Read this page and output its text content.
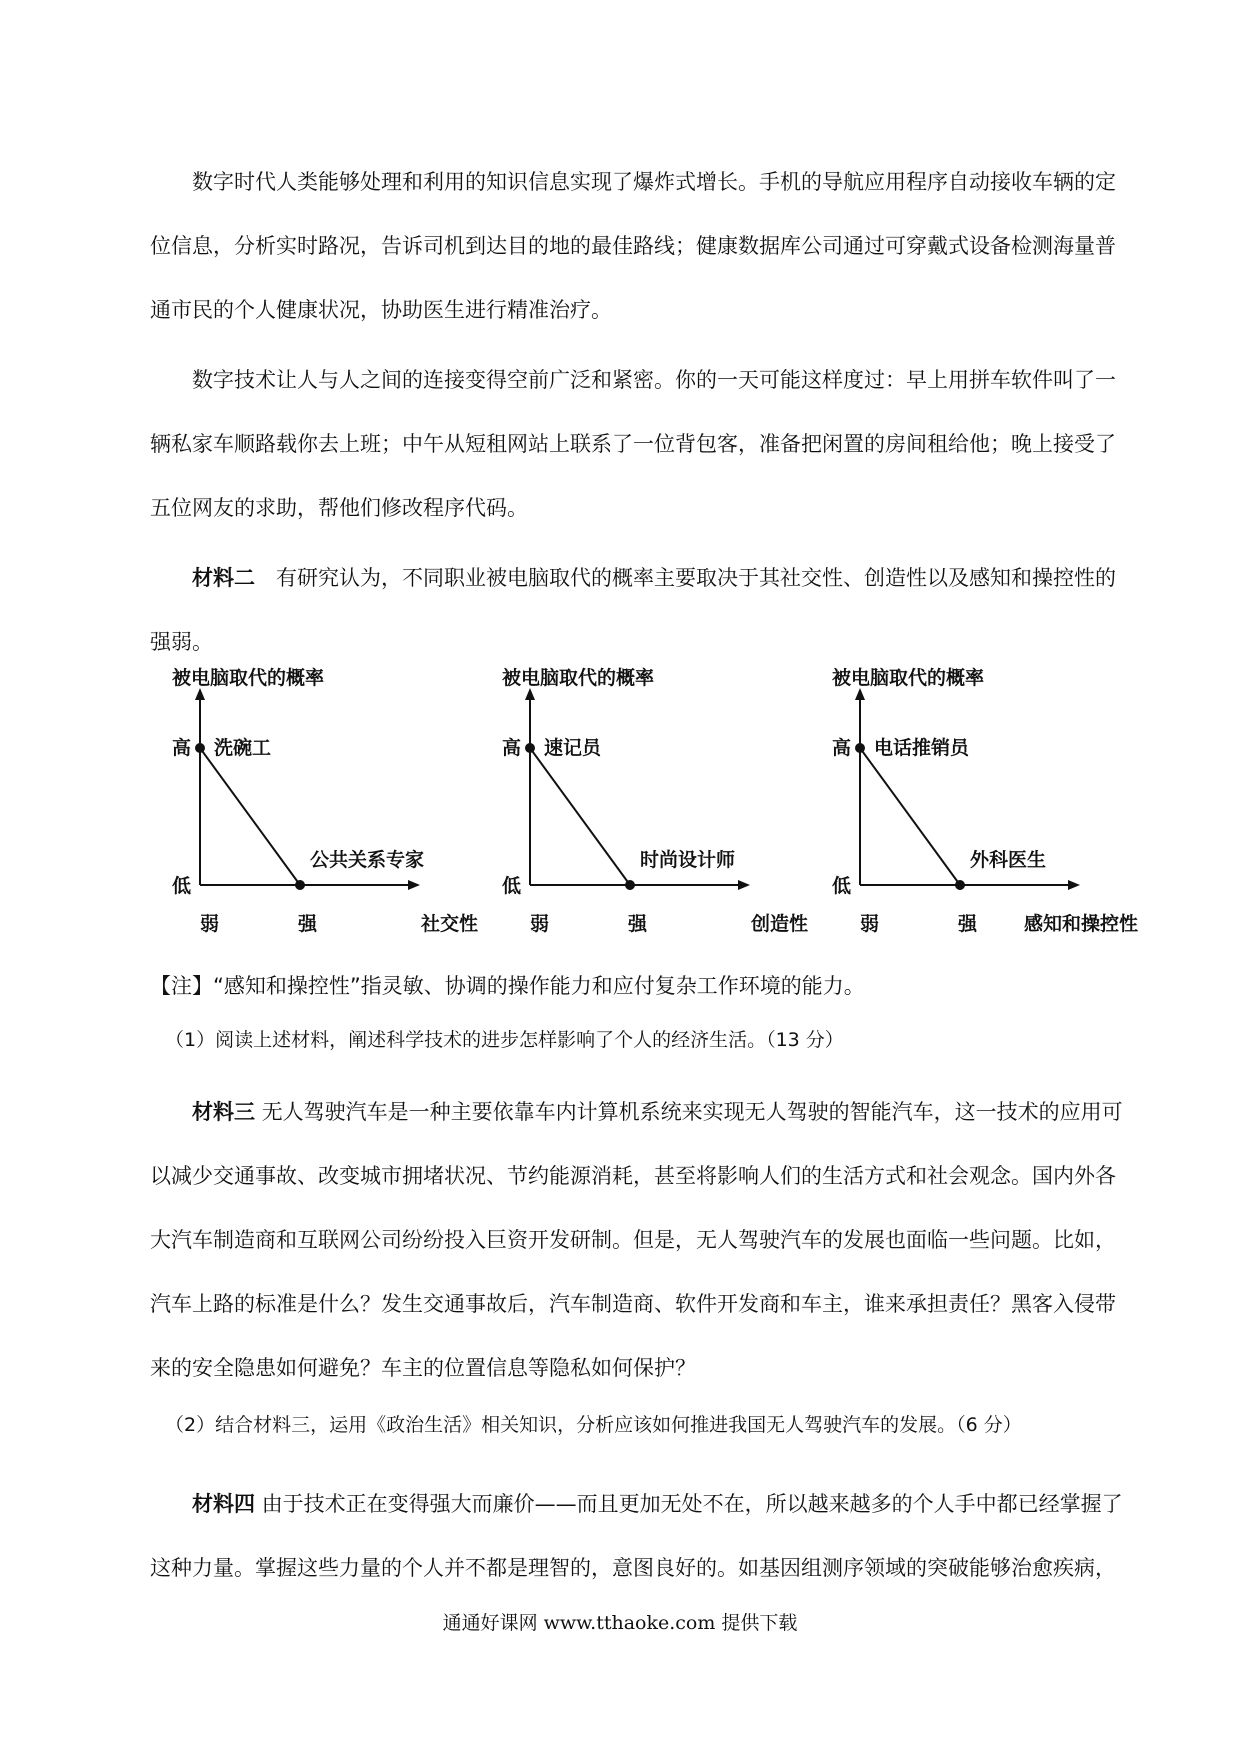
数字时代人类能够处理和利用的知识信息实现了爆炸式增长。手机的导航应用程序自动接收车辆的定位信息，分析实时路况，告诉司机到达目的地的最佳路线；健康数据库公司通过可穿戴式设备检测海量普通市民的个人健康状况，协助医生进行精准治疗。

数字技术让人与人之间的连接变得空前广泛和紧密。你的一天可能这样度过：早上用拼车软件叫了一辆私家车顺路载你去上班；中午从短租网站上联系了一位背包客，准备把闲置的房间租给他；晚上接受了五位网友的求助，帮他们修改程序代码。

材料二　 有研究认为，不同职业被电脑取代的概率主要取决于其社交性、创造性以及感知和操控性的强弱。

被电脑取代的概率
高
低
弱	强	社交性
洗碗工
公共关系专家
被电脑取代的概率
高
低
弱	强	创造性
速记员
时尚设计师
被电脑取代的概率
高
低
弱	强 感知和操控性
电话推销员
外科医生

【注】“感知和操控性”指灵敏、协调的操作能力和应付复杂工作环境的能力。

（1）阅读上述材料，阐述科学技术的进步怎样影响了个人的经济生活。（13 分）

材料三 无人驾驶汽车是一种主要依靠车内计算机系统来实现无人驾驶的智能汽车，这一技术的应用可以减少交通事故、改变城市拥堵状况、节约能源消耗，甚至将影响人们的生活方式和社会观念。国内外各大汽车制造商和互联网公司纷纷投入巨资开发研制。但是，无人驾驶汽车的发展也面临一些问题。比如，汽车上路的标准是什么？发生交通事故后，汽车制造商、软件开发商和车主，谁来承担责任？黑客入侵带来的安全隐患如何避免？车主的位置信息等隐私如何保护？

（2）结合材料三，运用《政治生活》相关知识，分析应该如何推进我国无人驾驶汽车的发展。（6 分）

材料四 由于技术正在变得强大而廉价——而且更加无处不在，所以越来越多的个人手中都已经掌握了这种力量。掌握这些力量的个人并不都是理智的，意图良好的。如基因组测序领域的突破能够治愈疾病，

通通好课网 www.tthaoke.com 提供下载
